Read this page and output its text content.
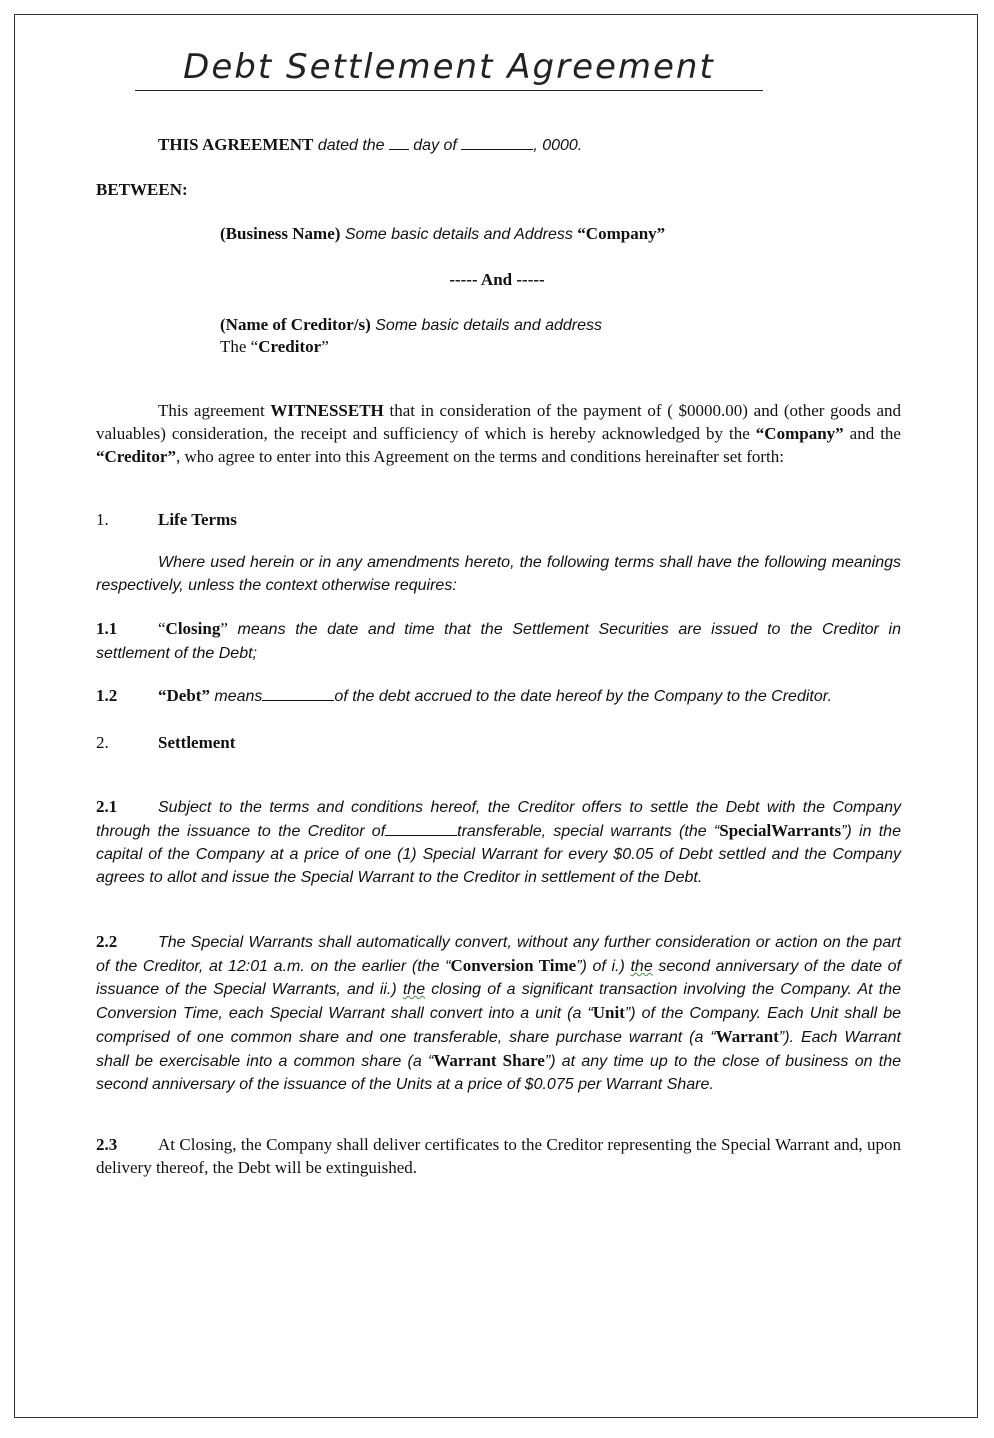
Debt Settlement Agreement
THIS AGREEMENT dated the  day of	, 0000.
BETWEEN:
(Business Name) Some basic details and Address “Company”
----- And -----
(Name of Creditor/s) Some basic details and address
The “Creditor”
This agreement WITNESSETH that in consideration of the payment of ( $0000.00) and (other goods and valuables) consideration, the receipt and sufficiency of which is hereby acknowledged by the “Company” and the “Creditor”, who agree to enter into this Agreement on the terms and conditions hereinafter set forth:
1.	Life Terms
Where used herein or in any amendments hereto, the following terms shall have the following meanings respectively, unless the context otherwise requires:
1.1 “Closing” means the date and time that the Settlement Securities are issued to the Creditor in settlement of the Debt;
1.2 “Debt” means	of the debt accrued to the date hereof by the Company to the Creditor.
2.	Settlement
2.1	Subject to the terms and conditions hereof, the Creditor offers to settle the Debt with the Company through the issuance to the Creditor of	transferable, special warrants (the “SpecialWarrants”) in the capital of the Company at a price of one (1) Special Warrant for every $0.05 of Debt settled and the Company agrees to allot and issue the Special Warrant to the Creditor in settlement of the Debt.
2.2	The Special Warrants shall automatically convert, without any further consideration or action on the part of the Creditor, at 12:01 a.m. on the earlier (the “Conversion Time”) of i.) the second anniversary of the date of issuance of the Special Warrants, and ii.) the closing of a significant transaction involving the Company. At the Conversion Time, each Special Warrant shall convert into a unit (a “Unit”) of the Company. Each Unit shall be comprised of one common share and one transferable, share purchase warrant (a “Warrant”). Each Warrant shall be exercisable into a common share (a “Warrant Share”) at any time up to the close of business on the second anniversary of the issuance of the Units at a price of $0.075 per Warrant Share.
2.3 At Closing, the Company shall deliver certificates to the Creditor representing the Special Warrant and, upon delivery thereof, the Debt will be extinguished.
